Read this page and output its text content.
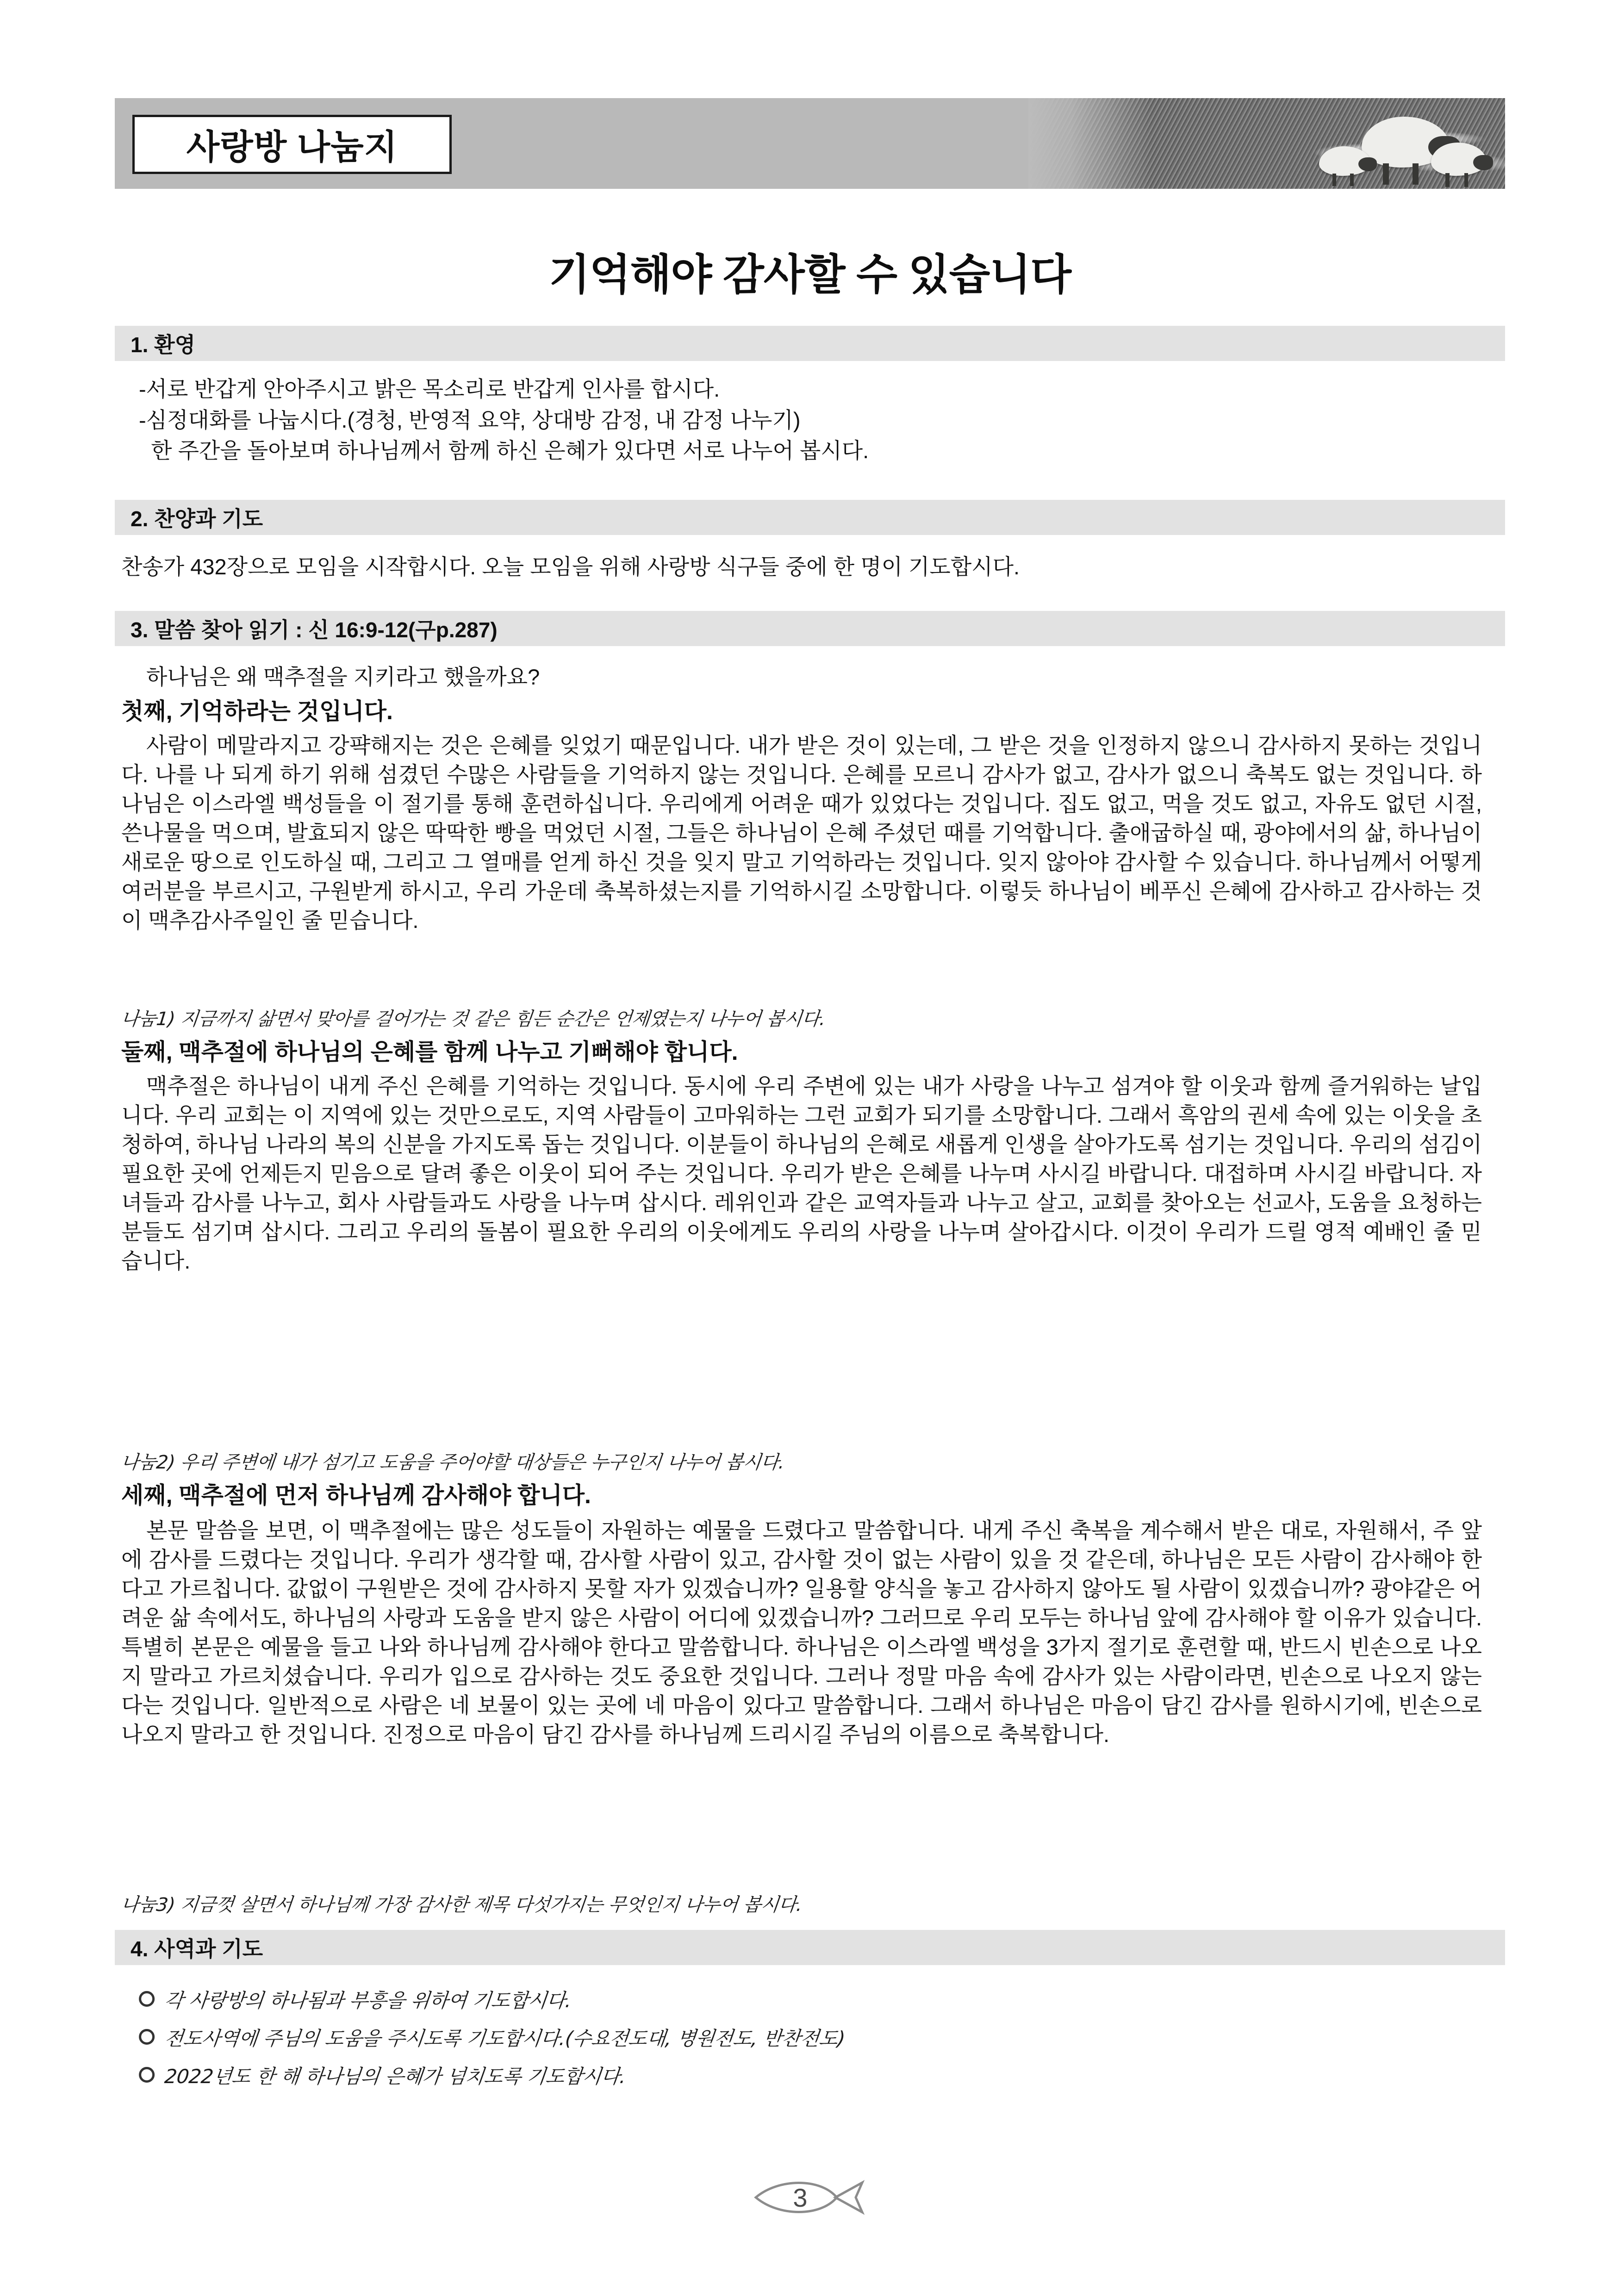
사랑방 나눔지
기억해야 감사할 수 있습니다
1. 환영
-서로 반갑게 안아주시고 밝은 목소리로 반갑게 인사를 합시다.
-심정대화를 나눕시다.(경청, 반영적 요약, 상대방 감정, 내 감정 나누기)
한 주간을 돌아보며 하나님께서 함께 하신 은혜가 있다면 서로 나누어 봅시다.
2. 찬양과 기도
찬송가 432장으로 모임을 시작합시다. 오늘 모임을 위해 사랑방 식구들 중에 한 명이 기도합시다.
3. 말씀 찾아 읽기 : 신 16:9-12(구p.287)
하나님은 왜 맥추절을 지키라고 했을까요?
첫째, 기억하라는 것입니다.
사람이 메말라지고 강퍅해지는 것은 은혜를 잊었기 때문입니다. 내가 받은 것이 있는데, 그 받은 것을 인정하지 않으니 감사하지 못하는 것입니다. 나를 나 되게 하기 위해 섬겼던 수많은 사람들을 기억하지 않는 것입니다. 은혜를 모르니 감사가 없고, 감사가 없으니 축복도 없는 것입니다. 하나님은 이스라엘 백성들을 이 절기를 통해 훈련하십니다. 우리에게 어려운 때가 있었다는 것입니다. 집도 없고, 먹을 것도 없고, 자유도 없던 시절, 쓴나물을 먹으며, 발효되지 않은 딱딱한 빵을 먹었던 시절, 그들은 하나님이 은혜 주셨던 때를 기억합니다. 출애굽하실 때, 광야에서의 삶, 하나님이 새로운 땅으로 인도하실 때, 그리고 그 열매를 얻게 하신 것을 잊지 말고 기억하라는 것입니다. 잊지 않아야 감사할 수 있습니다. 하나님께서 어떻게 여러분을 부르시고, 구원받게 하시고, 우리 가운데 축복하셨는지를 기억하시길 소망합니다. 이렇듯 하나님이 베푸신 은혜에 감사하고 감사하는 것이 맥추감사주일인 줄 믿습니다.
나눔1) 지금까지 삶면서 맞아를 걸어가는 것 같은 힘든 순간은 언제였는지 나누어 봅시다.
둘째, 맥추절에 하나님의 은혜를 함께 나누고 기뻐해야 합니다.
맥추절은 하나님이 내게 주신 은혜를 기억하는 것입니다. 동시에 우리 주변에 있는 내가 사랑을 나누고 섬겨야 할 이웃과 함께 즐거워하는 날입니다. 우리 교회는 이 지역에 있는 것만으로도, 지역 사람들이 고마워하는 그런 교회가 되기를 소망합니다. 그래서 흑암의 권세 속에 있는 이웃을 초청하여, 하나님 나라의 복의 신분을 가지도록 돕는 것입니다. 이분들이 하나님의 은혜로 새롭게 인생을 살아가도록 섬기는 것입니다. 우리의 섬김이 필요한 곳에 언제든지 믿음으로 달려 좋은 이웃이 되어 주는 것입니다. 우리가 받은 은혜를 나누며 사시길 바랍니다. 대접하며 사시길 바랍니다. 자녀들과 감사를 나누고, 회사 사람들과도 사랑을 나누며 삽시다. 레위인과 같은 교역자들과 나누고 살고, 교회를 찾아오는 선교사, 도움을 요청하는 분들도 섬기며 삽시다. 그리고 우리의 돌봄이 필요한 우리의 이웃에게도 우리의 사랑을 나누며 살아갑시다. 이것이 우리가 드릴 영적 예배인 줄 믿습니다.
나눔2) 우리 주변에 내가 섬기고 도움을 주어야할 대상들은 누구인지 나누어 봅시다.
세째, 맥추절에 먼저 하나님께 감사해야 합니다.
본문 말씀을 보면, 이 맥추절에는 많은 성도들이 자원하는 예물을 드렸다고 말씀합니다. 내게 주신 축복을 계수해서 받은 대로, 자원해서, 주 앞에 감사를 드렸다는 것입니다. 우리가 생각할 때, 감사할 사람이 있고, 감사할 것이 없는 사람이 있을 것 같은데, 하나님은 모든 사람이 감사해야 한다고 가르칩니다. 값없이 구원받은 것에 감사하지 못할 자가 있겠습니까? 일용할 양식을 놓고 감사하지 않아도 될 사람이 있겠습니까? 광야같은 어려운 삶 속에서도, 하나님의 사랑과 도움을 받지 않은 사람이 어디에 있겠습니까? 그러므로 우리 모두는 하나님 앞에 감사해야 할 이유가 있습니다. 특별히 본문은 예물을 들고 나와 하나님께 감사해야 한다고 말씀합니다. 하나님은 이스라엘 백성을 3가지 절기로 훈련할 때, 반드시 빈손으로 나오지 말라고 가르치셨습니다. 우리가 입으로 감사하는 것도 중요한 것입니다. 그러나 정말 마음 속에 감사가 있는 사람이라면, 빈손으로 나오지 않는다는 것입니다. 일반적으로 사람은 네 보물이 있는 곳에 네 마음이 있다고 말씀합니다. 그래서 하나님은 마음이 담긴 감사를 원하시기에, 빈손으로 나오지 말라고 한 것입니다. 진정으로 마음이 담긴 감사를 하나님께 드리시길 주님의 이름으로 축복합니다.
나눔3) 지금껏 살면서 하나님께 가장 감사한 제목 다섯가지는 무엇인지 나누어 봅시다.
4. 사역과 기도
각 사랑방의 하나됨과 부흥을 위하여 기도합시다.
전도사역에 주님의 도움을 주시도록 기도합시다.(수요전도대, 병원전도, 반찬전도)
2022년도 한 해 하나님의 은혜가 넘치도록 기도합시다.
3
